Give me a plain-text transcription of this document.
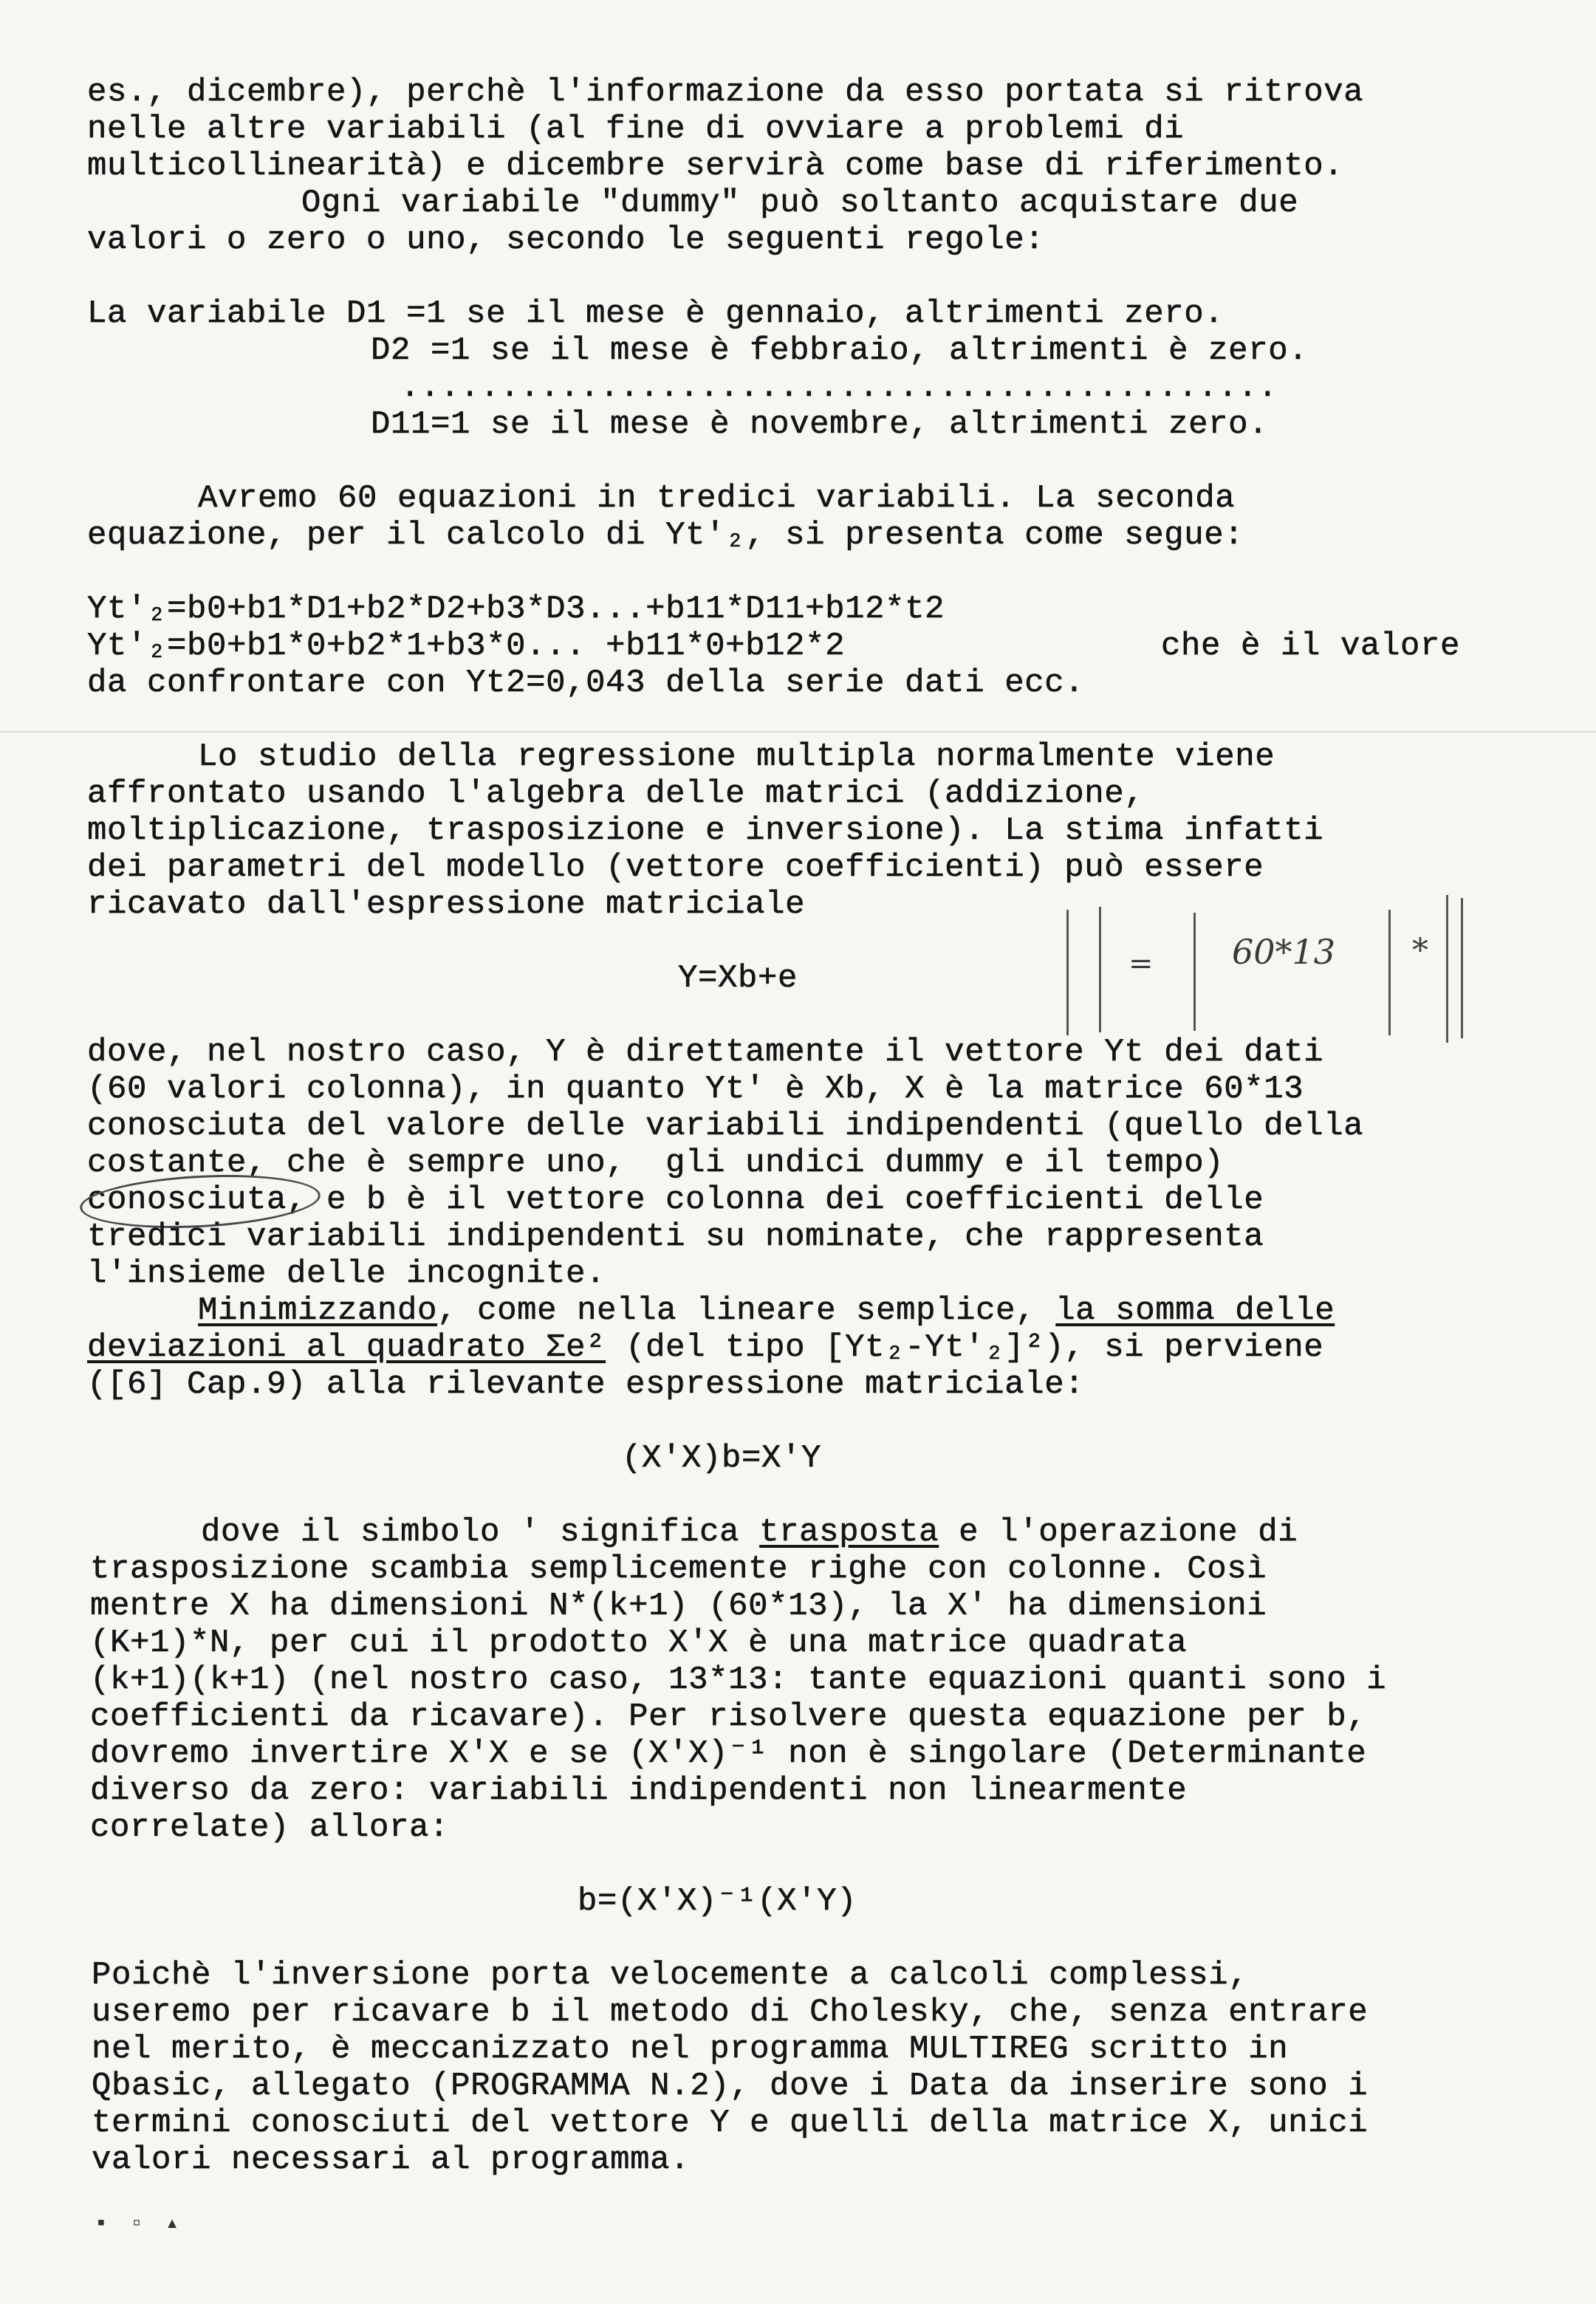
es., dicembre), perchè l'informazione da esso portata si ritrova
nelle altre variabili (al fine di ovviare a problemi di
multicollinearità) e dicembre servirà come base di riferimento.
Ogni variabile "dummy" può soltanto acquistare due
valori o zero o uno, secondo le seguenti regole:
La variabile D1 =1 se il mese è gennaio, altrimenti zero.
D2 =1 se il mese è febbraio, altrimenti è zero.
............................................
D11=1 se il mese è novembre, altrimenti zero.
Avremo 60 equazioni in tredici variabili. La seconda
equazione, per il calcolo di Yt'₂, si presenta come segue:
Yt'₂=b0+b1*D1+b2*D2+b3*D3...+b11*D11+b12*t2
Yt'₂=b0+b1*0+b2*1+b3*0... +b11*0+b12*2	che è il valore
da confrontare con Yt2=0,043 della serie dati ecc.
Lo studio della regressione multipla normalmente viene
affrontato usando l'algebra delle matrici (addizione,
moltiplicazione, trasposizione e inversione). La stima infatti
dei parametri del modello (vettore coefficienti) può essere
ricavato dall'espressione matriciale
Y=Xb+e	= 60*13 *
dove, nel nostro caso, Y è direttamente il vettore Yt dei dati
(60 valori colonna), in quanto Yt' è Xb, X è la matrice 60*13
conosciuta del valore delle variabili indipendenti (quello della
costante, che è sempre uno,  gli undici dummy e il tempo)
conosciuta, e b è il vettore colonna dei coefficienti delle
tredici variabili indipendenti su nominate, che rappresenta
l'insieme delle incognite.
Minimizzando, come nella lineare semplice, la somma delle
deviazioni al quadrato Σe² (del tipo [Yt₂-Yt'₂]²), si perviene
([6] Cap.9) alla rilevante espressione matriciale:
(X'X)b=X'Y
dove il simbolo ' significa trasposta e l'operazione di
trasposizione scambia semplicemente righe con colonne. Così
mentre X ha dimensioni N*(k+1) (60*13), la X' ha dimensioni
(K+1)*N, per cui il prodotto X'X è una matrice quadrata
(k+1)(k+1) (nel nostro caso, 13*13: tante equazioni quanti sono i
coefficienti da ricavare). Per risolvere questa equazione per b,
dovremo invertire X'X e se (X'X)⁻¹ non è singolare (Determinante
diverso da zero: variabili indipendenti non linearmente
correlate) allora:
b=(X'X)⁻¹(X'Y)
Poichè l'inversione porta velocemente a calcoli complessi,
useremo per ricavare b il metodo di Cholesky, che, senza entrare
nel merito, è meccanizzato nel programma MULTIREG scritto in
Qbasic, allegato (PROGRAMMA N.2), dove i Data da inserire sono i
termini conosciuti del vettore Y e quelli della matrice X, unici
valori necessari al programma.
▪ ▫ ▴
